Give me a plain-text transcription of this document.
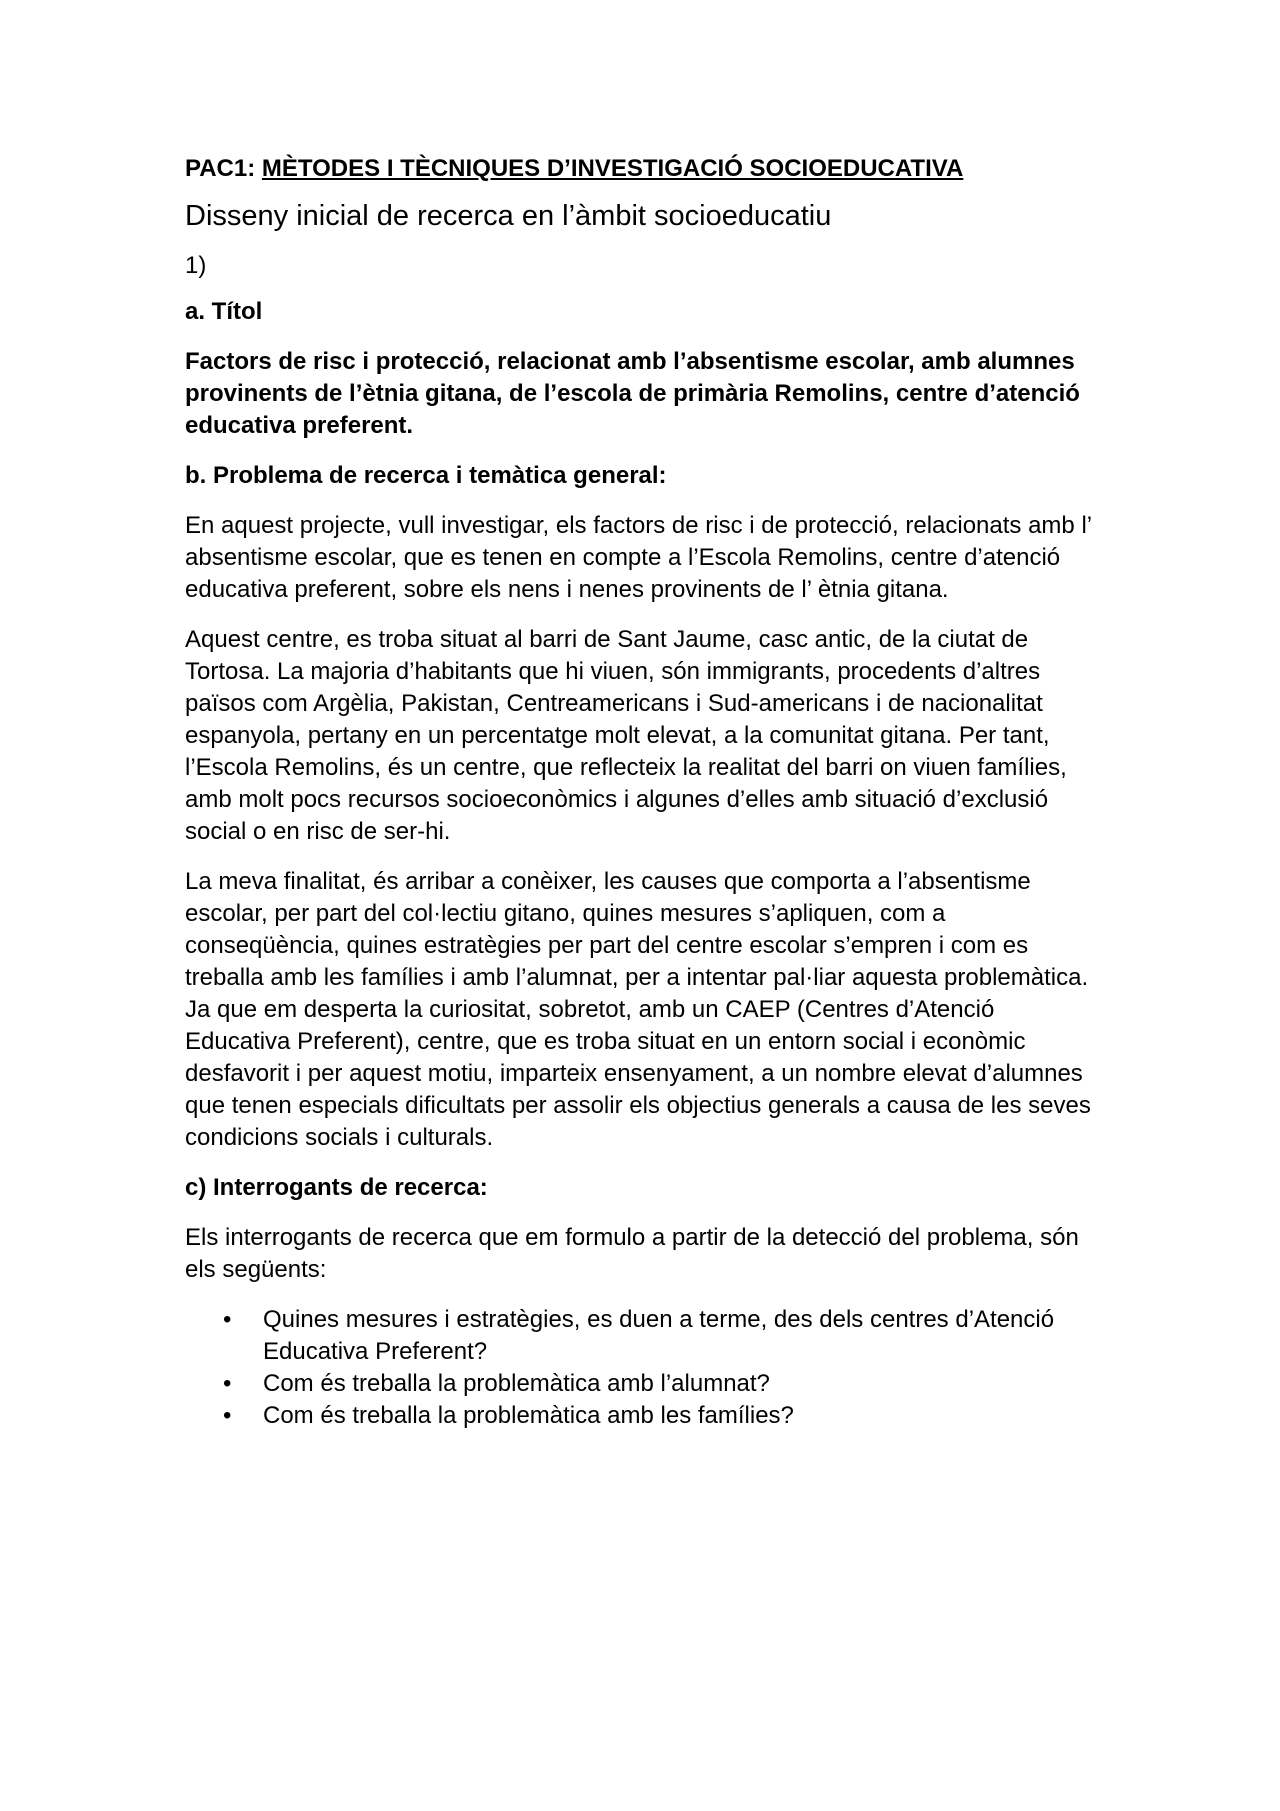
PAC1: MÈTODES I TÈCNIQUES D’INVESTIGACIÓ SOCIOEDUCATIVA
Disseny inicial de recerca en l’àmbit socioeducatiu
1)
a. Títol
Factors de risc i protecció, relacionat amb l’absentisme escolar, amb alumnes provinents de l’ètnia gitana, de l’escola de primària Remolins, centre d’atenció educativa preferent.
b. Problema de recerca i temàtica general:

En aquest projecte, vull investigar, els factors de risc i de protecció, relacionats amb l’ absentisme escolar, que es tenen en compte a l’Escola Remolins, centre d’atenció educativa preferent, sobre els nens i nenes provinents de l’ ètnia gitana.

Aquest centre, es troba situat al barri de Sant Jaume, casc antic, de la ciutat de Tortosa. La majoria d’habitants que hi viuen, són immigrants, procedents d’altres països com Argèlia, Pakistan, Centreamericans i Sud-americans i de nacionalitat espanyola, pertany en un percentatge molt elevat, a la comunitat gitana. Per tant, l’Escola Remolins, és un centre, que reflecteix la realitat del barri on viuen famílies, amb molt pocs recursos socioeconòmics i algunes d’elles amb situació d’exclusió social o en risc de ser-hi.

La meva finalitat, és arribar a conèixer, les causes que comporta a l’absentisme escolar, per part del col·lectiu gitano, quines mesures s’apliquen, com a conseqüència, quines estratègies per part del centre escolar s’empren i com es treballa amb les famílies i amb l’alumnat, per a intentar pal·liar aquesta problemàtica. Ja que em desperta la curiositat, sobretot, amb un CAEP (Centres d’Atenció Educativa Preferent), centre, que es troba situat en un entorn social i econòmic desfavorit i per aquest motiu, imparteix ensenyament, a un nombre elevat d’alumnes que tenen especials dificultats per assolir els objectius generals a causa de les seves condicions socials i culturals.

c) Interrogants de recerca:

Els interrogants de recerca que em formulo a partir de la detecció del problema, són els següents:

• Quines mesures i estratègies, es duen a terme, des dels centres d’Atenció Educativa Preferent?
• Com és treballa la problemàtica amb l’alumnat?
• Com és treballa la problemàtica amb les famílies?
